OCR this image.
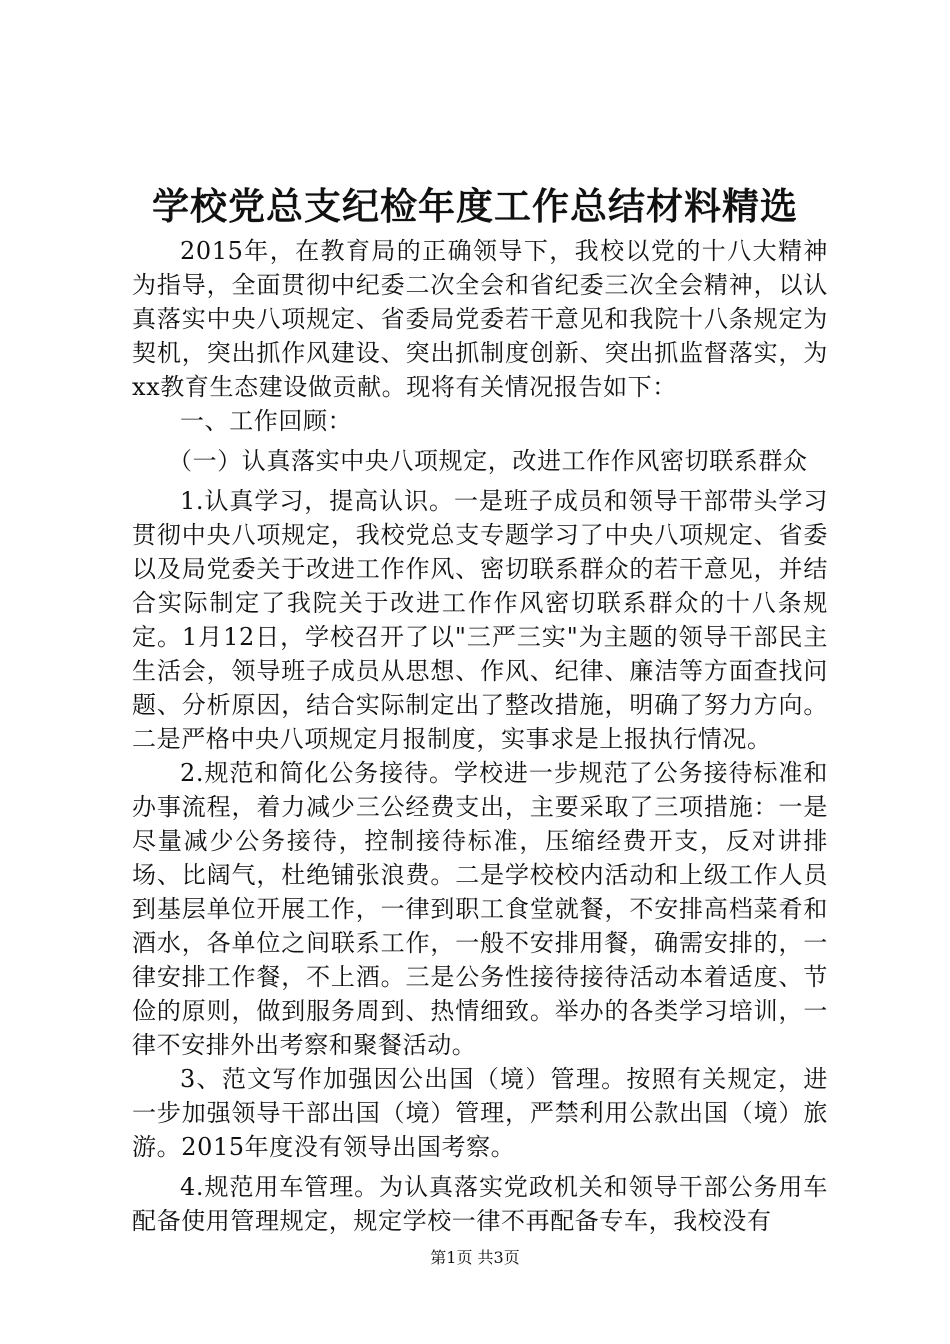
学校党总支纪检年度工作总结材料精选

2015年，在教育局的正确领导下，我校以党的十八大精神为指导，全面贯彻中纪委二次全会和省纪委三次全会精神，以认真落实中央八项规定、省委局党委若干意见和我院十八条规定为契机，突出抓作风建设、突出抓制度创新、突出抓监督落实，为xx教育生态建设做贡献。现将有关情况报告如下：

一、工作回顾：

（一）认真落实中央八项规定，改进工作作风密切联系群众

1.认真学习，提高认识。一是班子成员和领导干部带头学习贯彻中央八项规定，我校党总支专题学习了中央八项规定、省委以及局党委关于改进工作作风、密切联系群众的若干意见，并结合实际制定了我院关于改进工作作风密切联系群众的十八条规定。1月12日，学校召开了以"三严三实"为主题的领导干部民主生活会，领导班子成员从思想、作风、纪律、廉洁等方面查找问题、分析原因，结合实际制定出了整改措施，明确了努力方向。二是严格中央八项规定月报制度，实事求是上报执行情况。

2.规范和简化公务接待。学校进一步规范了公务接待标准和办事流程，着力减少三公经费支出，主要采取了三项措施：一是尽量减少公务接待，控制接待标准，压缩经费开支，反对讲排场、比阔气，杜绝铺张浪费。二是学校校内活动和上级工作人员到基层单位开展工作，一律到职工食堂就餐，不安排高档菜肴和酒水，各单位之间联系工作，一般不安排用餐，确需安排的，一律安排工作餐，不上酒。三是公务性接待接待活动本着适度、节俭的原则，做到服务周到、热情细致。举办的各类学习培训，一律不安排外出考察和聚餐活动。

3、范文写作加强因公出国（境）管理。按照有关规定，进一步加强领导干部出国（境）管理，严禁利用公款出国（境）旅游。2015年度没有领导出国考察。

4.规范用车管理。为认真落实党政机关和领导干部公务用车配备使用管理规定，规定学校一律不再配备专车，我校没有

第1页 共3页
